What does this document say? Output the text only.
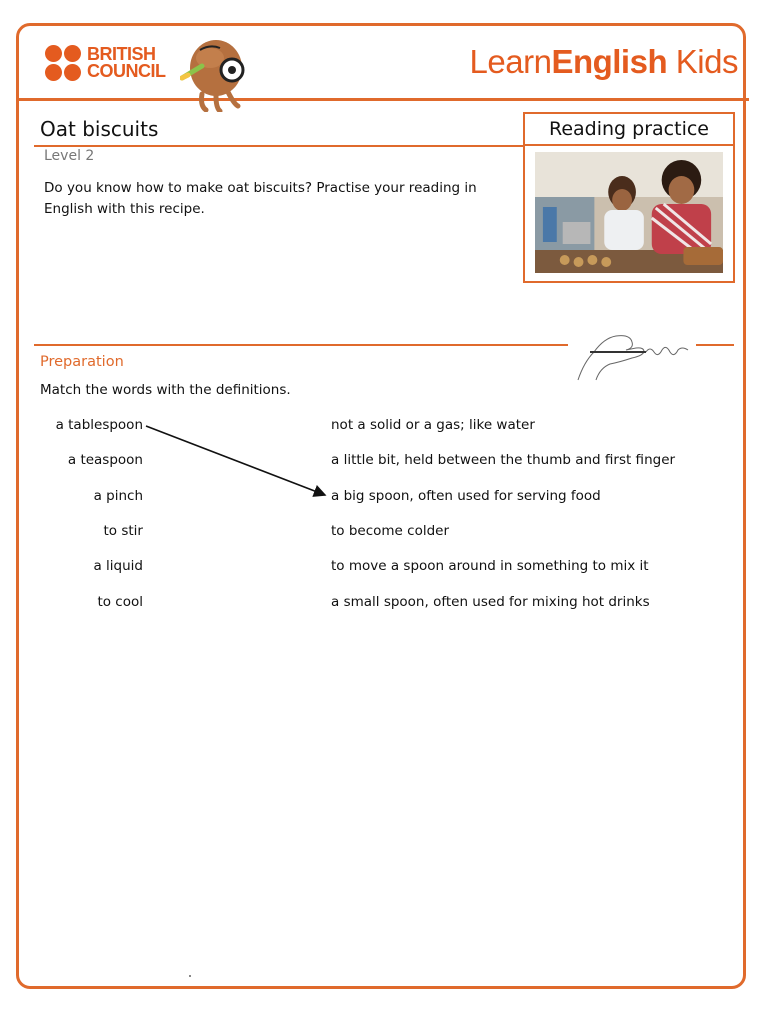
BRITISH
COUNCIL	LearnEnglish Kids
Oat biscuits
Level 2
Do you know how to make oat biscuits? Practise your reading in English with this recipe.
Reading practice
Preparation
Match the words with the definitions.
a tablespoon
a teaspoon
a pinch
to stir
a liquid
to cool
not a solid or a gas; like water
a little bit, held between the thumb and first finger
a big spoon, often used for serving food
to become colder
to move a spoon around in something to mix it
a small spoon, often used for mixing hot drinks
